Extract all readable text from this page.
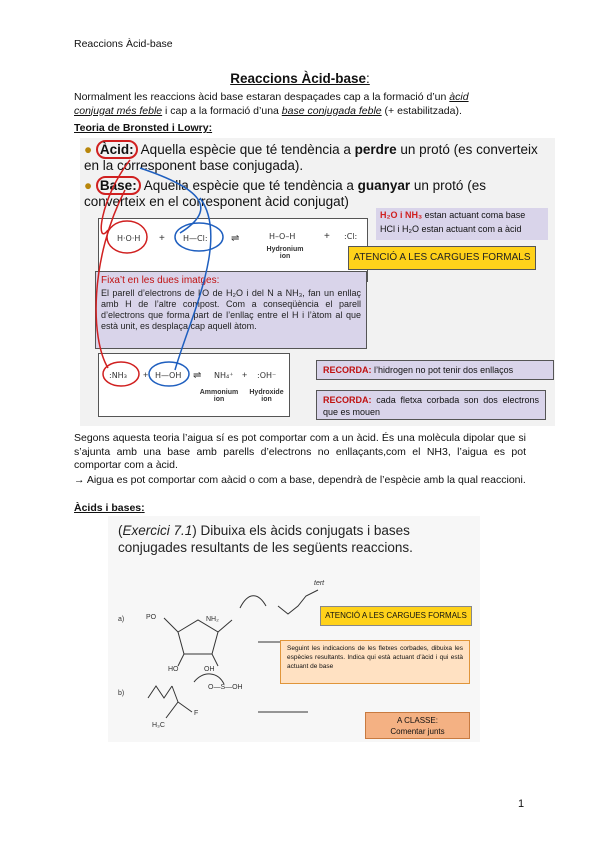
Reaccions Àcid-base
Reaccions Àcid-base:
Normalment les reaccions àcid base estaran despaçades cap a la formació d’un àcid
conjugat més feble i cap a la formació d’una base conjugada feble (+ estabilitzada).
Teoria de Bronsted i Lowry:
● Àcid: Aquella espècie que té tendència a perdre un protó (es converteix en la corresponent base conjugada).
● Base: Aquella espècie que té tendència a guanyar un protó (es converteix en el corresponent àcid conjugat)
H·O·H + H—Cl: ⇌	H–O–H	+ :Cl:
Hydronium ion
H₂O i NH₃ estan actuant coma base
HCl i H₂O estan actuant com a àcid
ATENCIÓ A LES CARGUES FORMALS
Fixa’t en les dues imatges:
El parell d’electrons de l’O de H₂O i del N a NH₃, fan un enllaç amb H de l’altre compost. Com a conseqüència el parell d’electrons que forma part de l’enllaç entre el H i l’àtom al que està unit, es desplaça cap aquell àtom.
:NH₃ + H—OH ⇌ NH₄⁺ + :OH⁻
Ammonium ion
Hydroxide ion
RECORDA: l’hidrogen no pot tenir dos enllaços
RECORDA: cada fletxa corbada son dos electrons que es mouen
Segons aquesta teoria l’aigua sí es pot comportar com a un àcid. És una molècula dipolar que si s’ajunta amb una base amb parells d’electrons no enllaçants,com el NH3, l’aigua es pot comportar com a àcid.
→ Aigua es pot comportar com aàcid o com a base, dependrà de l’espècie amb la qual reaccioni.
Àcids i bases:
(Exercici 7.1) Dibuixa els àcids conjugats i bases conjugades resultants de les següents reaccions.
a)
b)
PO	NH₂
HO	OH
H₃C
F
O—S—OH
tert
ATENCIÓ A LES CARGUES FORMALS
Seguint les indicacions de les fletxes corbades, dibuixa les espècies resultants. Indica qui està actuant d’àcid i qui està actuant de base
A CLASSE:
Comentar junts
1
